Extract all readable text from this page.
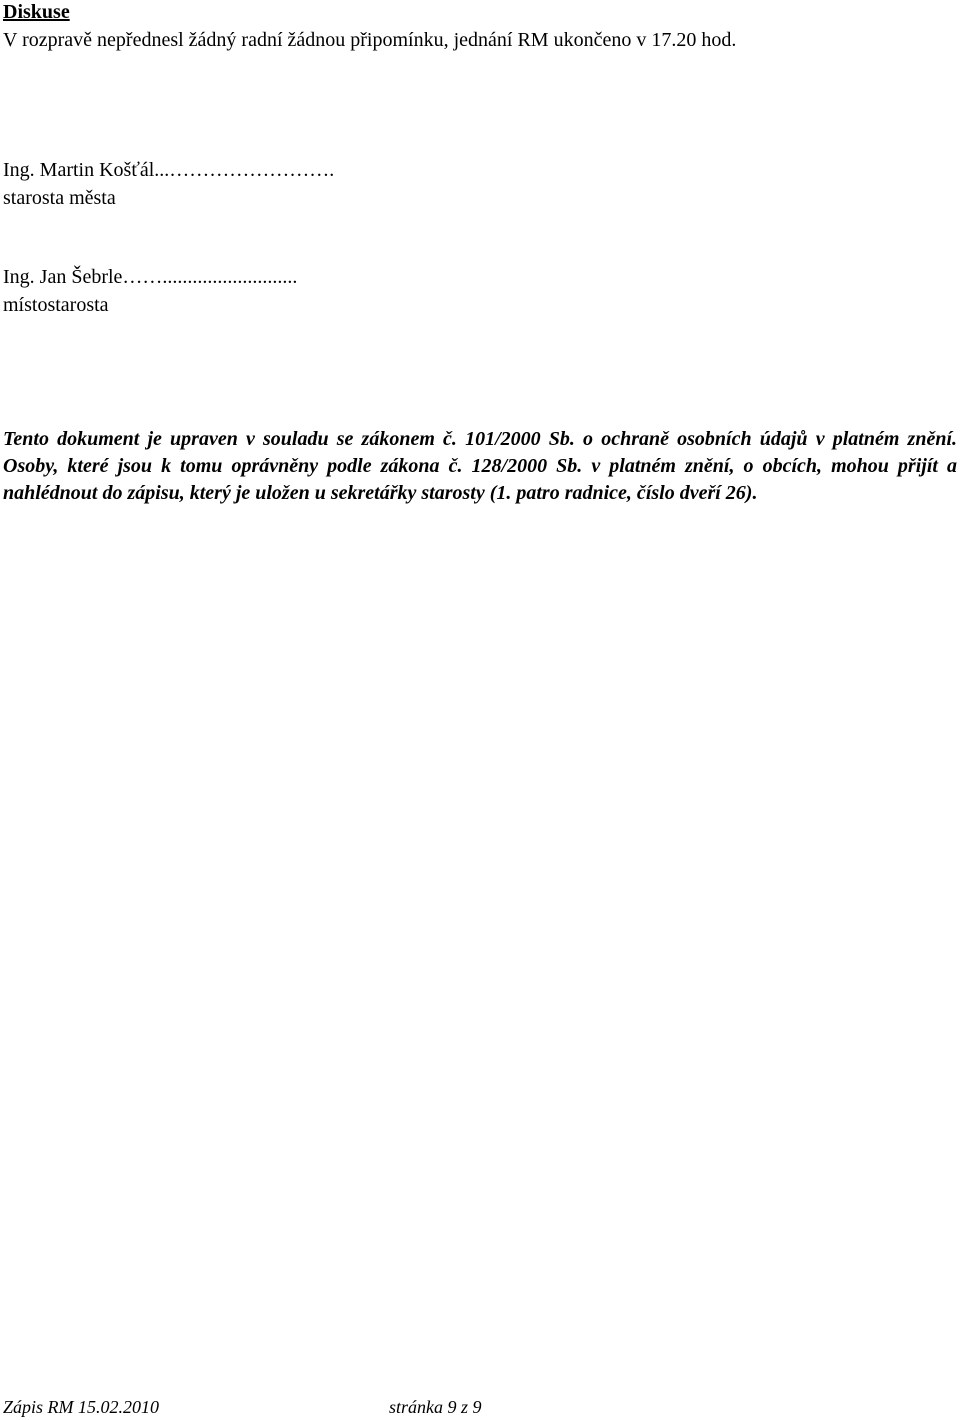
Diskuse
V rozpravě nepřednesl žádný radní žádnou připomínku, jednání RM ukončeno v 17.20 hod.
Ing. Martin Košťál...…………………….
starosta města
Ing. Jan Šebrle……...........................
místostarosta
Tento dokument je upraven v souladu se zákonem č. 101/2000 Sb. o ochraně osobních údajů v platném znění. Osoby, které jsou k tomu oprávněny podle zákona č. 128/2000 Sb. v platném znění, o obcích, mohou přijít a nahlédnout do zápisu, který je uložen u sekretářky starosty (1. patro radnice, číslo dveří 26).
Zápis RM 15.02.2010	stránka 9 z 9
